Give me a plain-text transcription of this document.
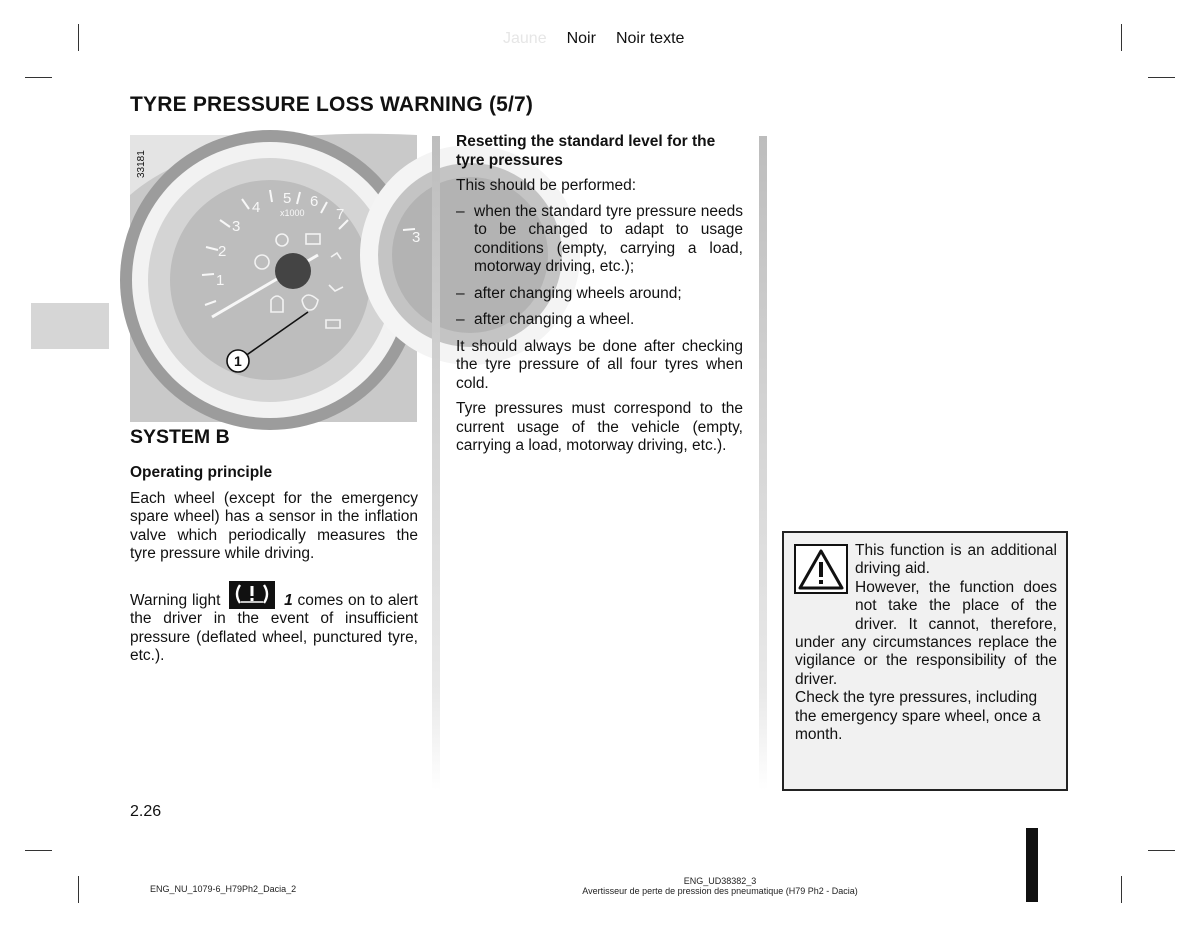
Jaune Noir Noir texte
TYRE PRESSURE LOSS WARNING (5/7)
1
2
3
4
5 6
7
x1000
3
1
33181
SYSTEM B
Operating principle
Each wheel (except for the emergency spare wheel) has a sensor in the inflation valve which periodically measures the tyre pressure while driving.
Warning light	1 comes on to alert the driver in the event of insufficient pressure (deflated wheel, punctured tyre, etc.).
Resetting the standard level for the tyre pressures
This should be performed:
– when the standard tyre pressure needs to be changed to adapt to usage conditions (empty, carrying a load, motorway driving, etc.);
– after changing wheels around;
– after changing a wheel.
It should always be done after checking the tyre pressure of all four tyres when cold.
Tyre pressures must correspond to the current usage of the vehicle (empty, carrying a load, motorway driving, etc.).
This function is an additional driving aid.
However, the function does not take the place of the driver. It cannot, therefore, under any circumstances replace the vigilance or the responsibility of the driver.
Check the tyre pressures, including the emergency spare wheel, once a month.
2.26
ENG_NU_1079-6_H79Ph2_Dacia_2
ENG_UD38382_3
Avertisseur de perte de pression des pneumatique (H79 Ph2 - Dacia)
